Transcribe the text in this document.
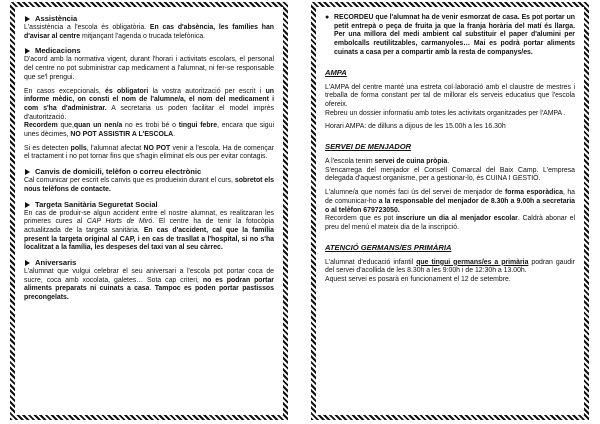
Assistència

L'assistència a l'escola és obligatòria. En cas d'absència, les famílies han d'avisar al centre mitjançant l'agenda o trucada telefònica.

Medicacions

D'acord amb la normativa vigent, durant l'horari i activitats escolars, el personal del centre no pot subministrar cap medicament a l'alumnat, ni fer-se responsable que se'l prengui.

En casos excepcionals, és obligatori la vostra autorització per escrit i un informe mèdic, on consti el nom de l'alumne/a, el nom del medicament i com s'ha d'administrar. A secretaria us poden facilitar el model imprès d'autorització.

Recordem que,quan un nen/a no es trobi bé o tingui febre, encara que sigui unes dècimes, NO POT ASSISTIR A L'ESCOLA.

Si es detecten polls, l'alumnat afectat NO POT venir a l'escola. Ha de començar el tractament i no pot tornar fins que s'hagin eliminat els ous per evitar contagis.

Canvis de domicili, telèfon o correu electrònic

Cal comunicar per escrit els canvis que es produeixin durant el curs, sobretot els nous telèfons de contacte.

Targeta Sanitària Seguretat Social

En cas de produir-se algun accident entre el nostre alumnat, es realitzaran les primeres cures al CAP Horts de Miró. El centre ha de tenir la fotocòpia actualitzada de la targeta sanitària. En cas d'accident, cal que la família present la targeta original al CAP, i en cas de trasllat a l'hospital, si no s'ha localitzat a la família, les despeses del taxi van al seu càrrec.

Aniversaris

L'alumnat que vulgui celebrar el seu aniversari a l'escola pot portar coca de sucre, coca amb xocolata, galetes… Sota cap criteri, no es podran portar aliments preparats ni cuinats a casa. Tampoc es poden portar pastissos precongelats.

● RECORDEU que l'alumnat ha de venir esmorzat de casa. Es pot portar un petit entrepà o peça de fruita ja que la franja horària del matí és llarga. Per una millora del medi ambient cal substituir el paper d'alumini per embolcalls reutilitzables, carmanyoles… Mai es podrà portar aliments cuinats a casa per a compartir amb la resta de companys/es.

AMPA

L'AMPA del centre manté una estreta col·laboració amb el claustre de mestres i treballa de forma constant per tal de millorar els serveis educatius que l'escola ofereix.

Rebreu un dossier informatiu amb totes les activitats organitzades per l'AMPA .

Horari AMPA: de dilluns a dijous de les 15.00h a les 16.30h

SERVEI DE MENJADOR

A l'escola tenim servei de cuina pròpia.

S'encarrega del menjador el Consell Comarcal del Baix Camp. L'empresa delegada d'aquest organisme, per a gestionar-lo, és CUINA I GESTIÓ.

L'alumne/a que només faci ús del servei de menjador de forma esporàdica, ha de comunicar-ho a la responsable del menjador de 8.30h a 9.00h a secretaria o al telèfon 679723050.

Recordem que es pot inscriure un dia al menjador escolar. Caldrà abonar el preu del menú el mateix dia de la inscripció.

ATENCIÓ GERMANS/ES PRIMÀRIA

L'alumnat d'educació infantil que tingui germans/es a primària podran gaudir del servei d'acollida de les 8.30h a les 9:00h i de 12:30h a 13.00h.

Aquest servei es posarà en funcionament el 12 de setembre.
